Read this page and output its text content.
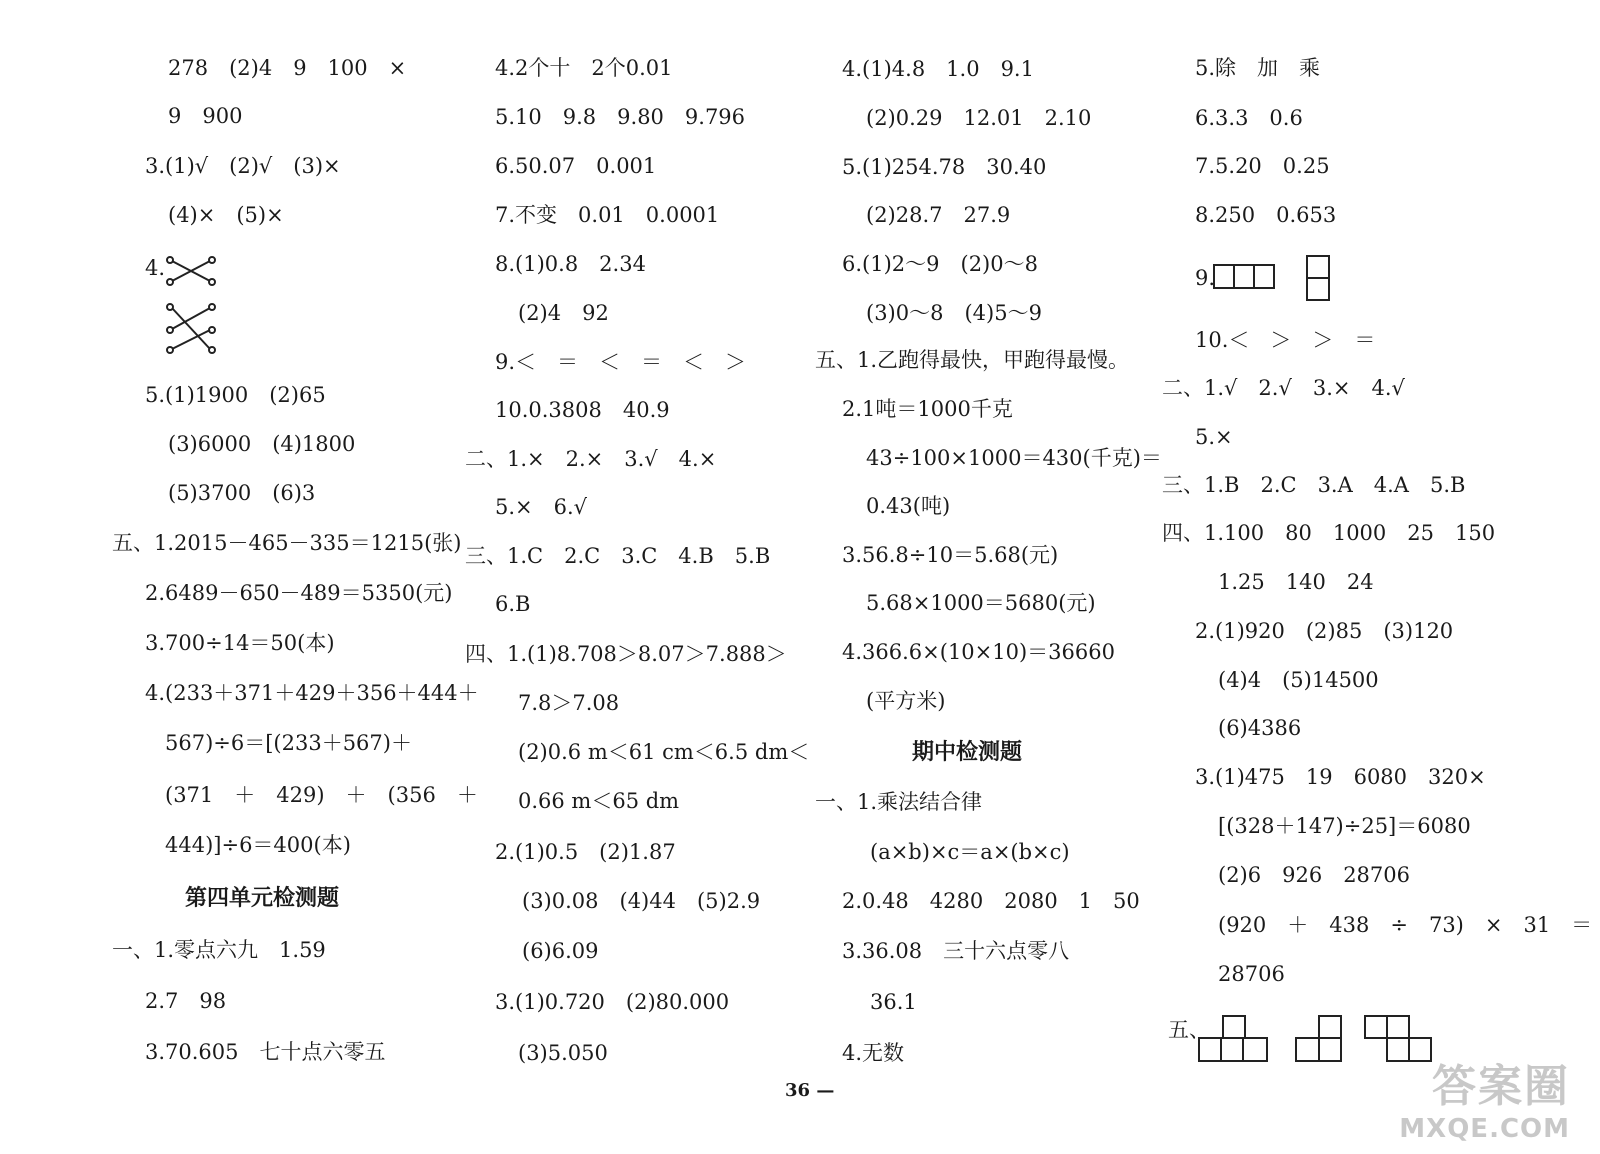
278　(2)4　9　100　×
9　900
3.(1)√　(2)√　(3)×
(4)×　(5)×
4.
5.(1)1900　(2)65
(3)6000　(4)1800
(5)3700　(6)3
五、1.2015－465－335＝1215(张)
2.6489－650－489＝5350(元)
3.700÷14＝50(本)
4.(233＋371＋429＋356＋444＋
567)÷6＝[(233＋567)＋
(371　＋　429)　＋　(356　＋
444)]÷6＝400(本)
第四单元检测题
一、1.零点六九　1.59
2.7　98
3.70.605　七十点六零五
4.2个十　2个0.01
5.10　9.8　9.80　9.796
6.50.07　0.001
7.不变　0.01　0.0001
8.(1)0.8　2.34
(2)4　92
9.＜　＝　＜　＝　＜　＞
10.0.3808　40.9
二、1.×　2.×　3.√　4.×
5.×　6.√
三、1.C　2.C　3.C　4.B　5.B
6.B
四、1.(1)8.708＞8.07＞7.888＞
7.8＞7.08
(2)0.6 m＜61 cm＜6.5 dm＜
0.66 m＜65 dm
2.(1)0.5　(2)1.87
(3)0.08　(4)44　(5)2.9
(6)6.09
3.(1)0.720　(2)80.000
(3)5.050
4.(1)4.8　1.0　9.1
(2)0.29　12.01　2.10
5.(1)254.78　30.40
(2)28.7　27.9
6.(1)2～9　(2)0～8
(3)0～8　(4)5～9
五、1.乙跑得最快，甲跑得最慢。
2.1吨＝1000千克
43÷100×1000＝430(千克)＝
0.43(吨)
3.56.8÷10＝5.68(元)
5.68×1000＝5680(元)
4.366.6×(10×10)＝36660
(平方米)
期中检测题
一、1.乘法结合律
(a×b)×c＝a×(b×c)
2.0.48　4280　2080　1　50
3.36.08　三十六点零八
36.1
4.无数
5.除　加　乘
6.3.3　0.6
7.5.20　0.25
8.250　0.653
9.
10.＜　＞　＞　＝
二、1.√　2.√　3.×　4.√
5.×
三、1.B　2.C　3.A　4.A　5.B
四、1.100　80　1000　25　150
1.25　140　24
2.(1)920　(2)85　(3)120
(4)4　(5)14500
(6)4386
3.(1)475　19　6080　320×
[(328＋147)÷25]＝6080
(2)6　926　28706
(920　＋　438　÷　73)　×　31　＝
28706
五、
36 —	答案圈
MXQE.COM
